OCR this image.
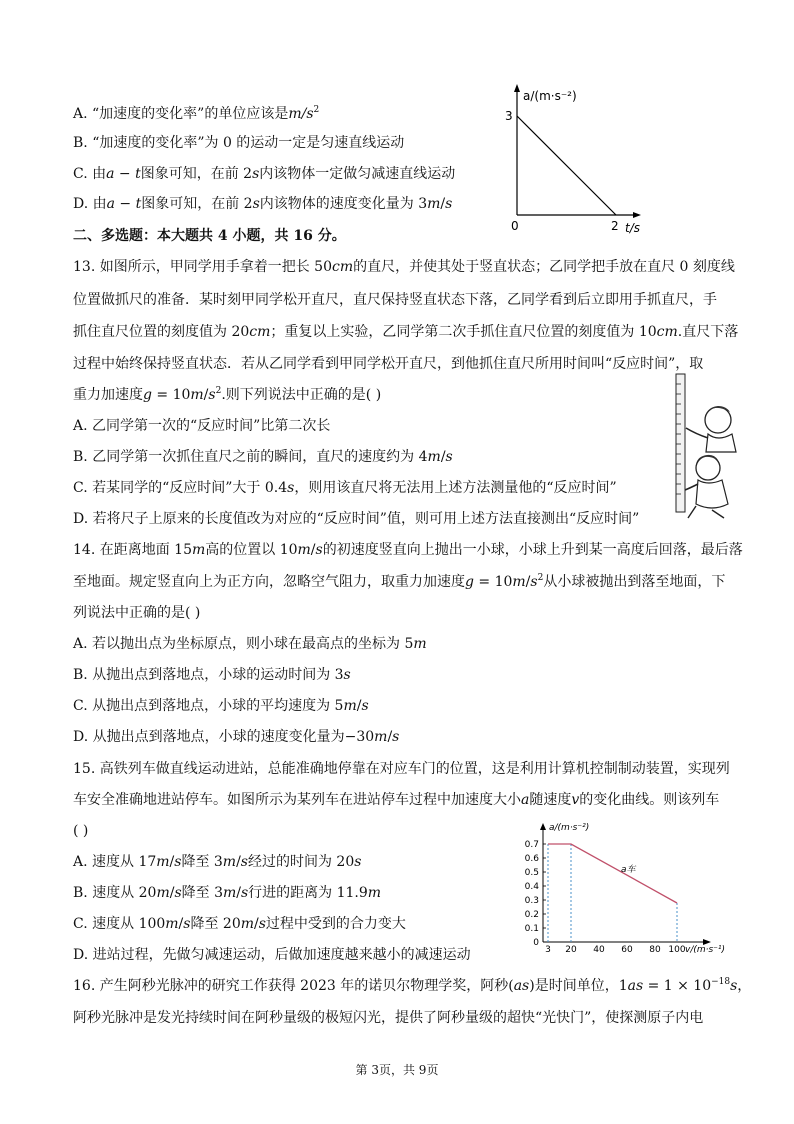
A. “加速度的变化率”的单位应该是$m/s^2$
B. “加速度的变化率”为 0 的运动一定是匀速直线运动
C. 由𝑎 − 𝑡图象可知，在前 2𝑠内该物体一定做匀减速直线运动
D. 由𝑎 − 𝑡图象可知，在前 2𝑠内该物体的速度变化量为 3𝑚/𝑠
a/(m·s⁻²)
3
0	2 t/s
二、多选题：本大题共 4 小题，共 16 分。
13. 如图所示，甲同学用手拿着一把长 50𝑐𝑚的直尺，并使其处于竖直状态；乙同学把手放在直尺 0 刻度线
位置做抓尺的准备．某时刻甲同学松开直尺，直尺保持竖直状态下落，乙同学看到后立即用手抓直尺，手
抓住直尺位置的刻度值为 20𝑐𝑚；重复以上实验，乙同学第二次手抓住直尺位置的刻度值为 10𝑐𝑚.直尺下落
过程中始终保持竖直状态．若从乙同学看到甲同学松开直尺，到他抓住直尺所用时间叫“反应时间”，取
重力加速度𝑔 = 10𝑚/𝑠$^2$.则下列说法中正确的是( )
A. 乙同学第一次的“反应时间”比第二次长
B. 乙同学第一次抓住直尺之前的瞬间，直尺的速度约为 4𝑚/𝑠
C. 若某同学的“反应时间”大于 0.4𝑠，则用该直尺将无法用上述方法测量他的“反应时间”
D. 若将尺子上原来的长度值改为对应的“反应时间”值，则可用上述方法直接测出“反应时间”
14. 在距离地面 15𝑚高的位置以 10𝑚/𝑠的初速度竖直向上抛出一小球，小球上升到某一高度后回落，最后落
至地面。规定竖直向上为正方向，忽略空气阻力，取重力加速度𝑔 = 10𝑚/𝑠$^2$从小球被抛出到落至地面，下
列说法中正确的是( )
A. 若以抛出点为坐标原点，则小球在最高点的坐标为 5𝑚
B. 从抛出点到落地点，小球的运动时间为 3𝑠
C. 从抛出点到落地点，小球的平均速度为 5𝑚/𝑠
D. 从抛出点到落地点，小球的速度变化量为−30𝑚/𝑠
15. 高铁列车做直线运动进站，总能准确地停靠在对应车门的位置，这是利用计算机控制制动装置，实现列
车安全准确地进站停车。如图所示为某列车在进站停车过程中加速度大小𝑎随速度𝑣的变化曲线。则该列车
( )
A. 速度从 17𝑚/𝑠降至 3𝑚/𝑠经过的时间为 20𝑠
B. 速度从 20𝑚/𝑠降至 3𝑚/𝑠行进的距离为 11.9𝑚
C. 速度从 100𝑚/𝑠降至 20𝑚/𝑠过程中受到的合力变大
D. 进站过程，先做匀减速运动，后做加速度越来越小的减速运动
0.7
0.6
0.5
0.4
0.3
0.2
0.1
0
3 20 40 60 80 100 v/(m·s⁻¹)
a/(m·s⁻²)
a车
16. 产生阿秒光脉冲的研究工作获得 2023 年的诺贝尔物理学奖，阿秒(𝑎𝑠)是时间单位，1𝑎𝑠 = $1 \times 10^{-18}𝑠$，
阿秒光脉冲是发光持续时间在阿秒量级的极短闪光，提供了阿秒量级的超快“光快门”，使探测原子内电
第 3页，共 9页
